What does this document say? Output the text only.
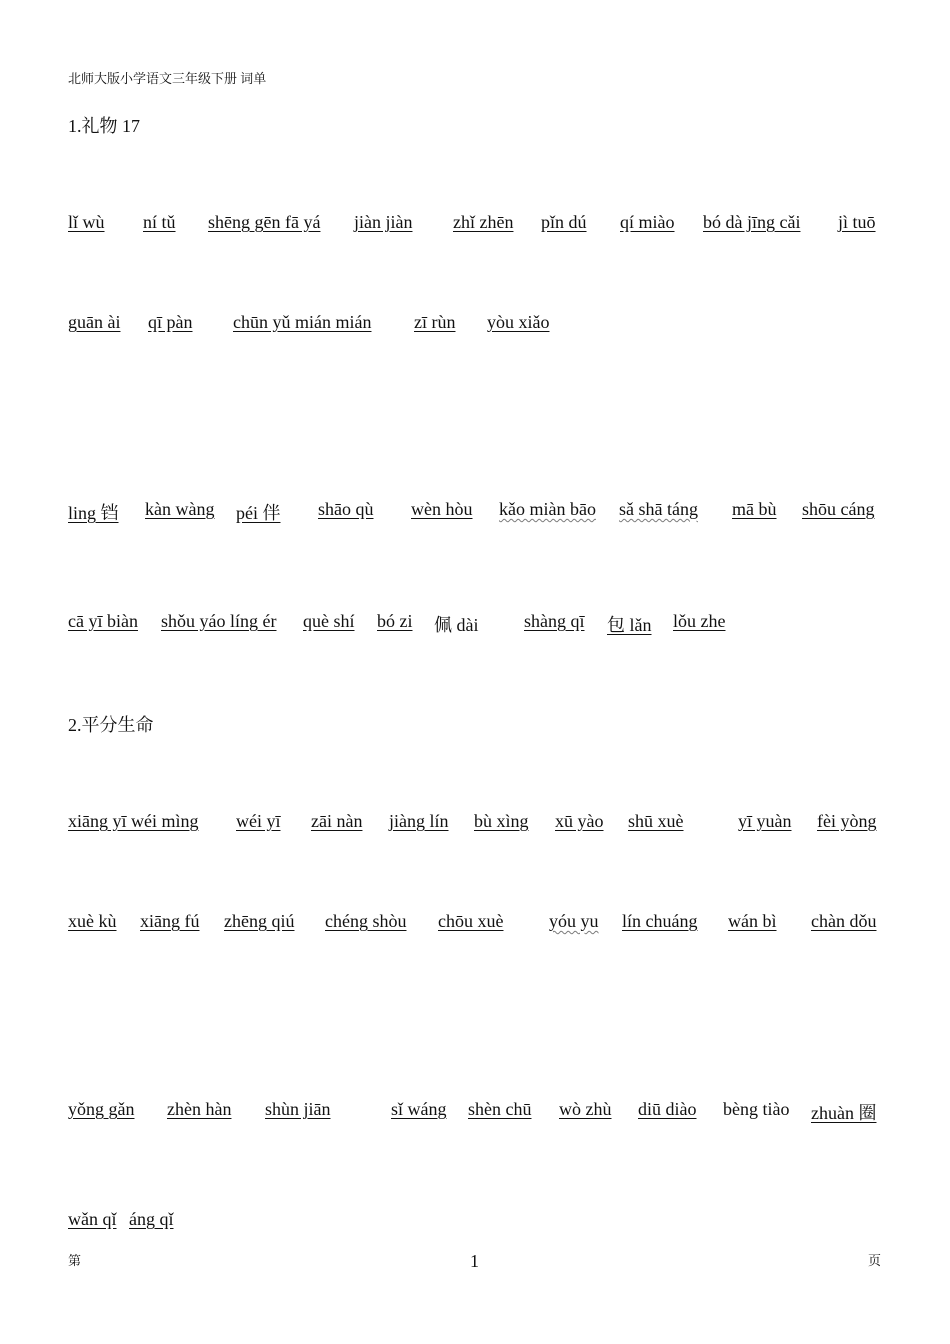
北师大版小学语文三年级下册 词单
1.礼物 17
lǐ wù ní tǔ shēng gēn fā yá jiàn jiàn zhǐ zhēn pǐn dú qí miào bó dà jīng cǎi jì tuō
guān ài qī pàn chūn yǔ mián mián zī rùn yòu xiǎo
ling 铛 kàn wàng péi 伴 shāo qù wèn hòu kǎo miàn bāo sǎ shā táng mā bù shōu cáng
cā yī biàn shǒu yáo líng ér què shí bó zi 佩 dài	shàng qī 包 lǎn lǒu zhe
2.平分生命
xiāng yī wéi mìng wéi yī zāi nàn jiàng lín bù xìng xū yào shū xuè	yī yuàn fèi yòng
xuè kù xiāng fú zhēng qiú chéng shòu chōu xuè	yóu yu lín chuáng wán bì chàn dǒu
yǒng gǎn zhèn hàn shùn jiān	sǐ wáng shèn chū wò zhù diū diào bèng tiào zhuàn 圈
wǎn qǐ áng qǐ
第	1	页
